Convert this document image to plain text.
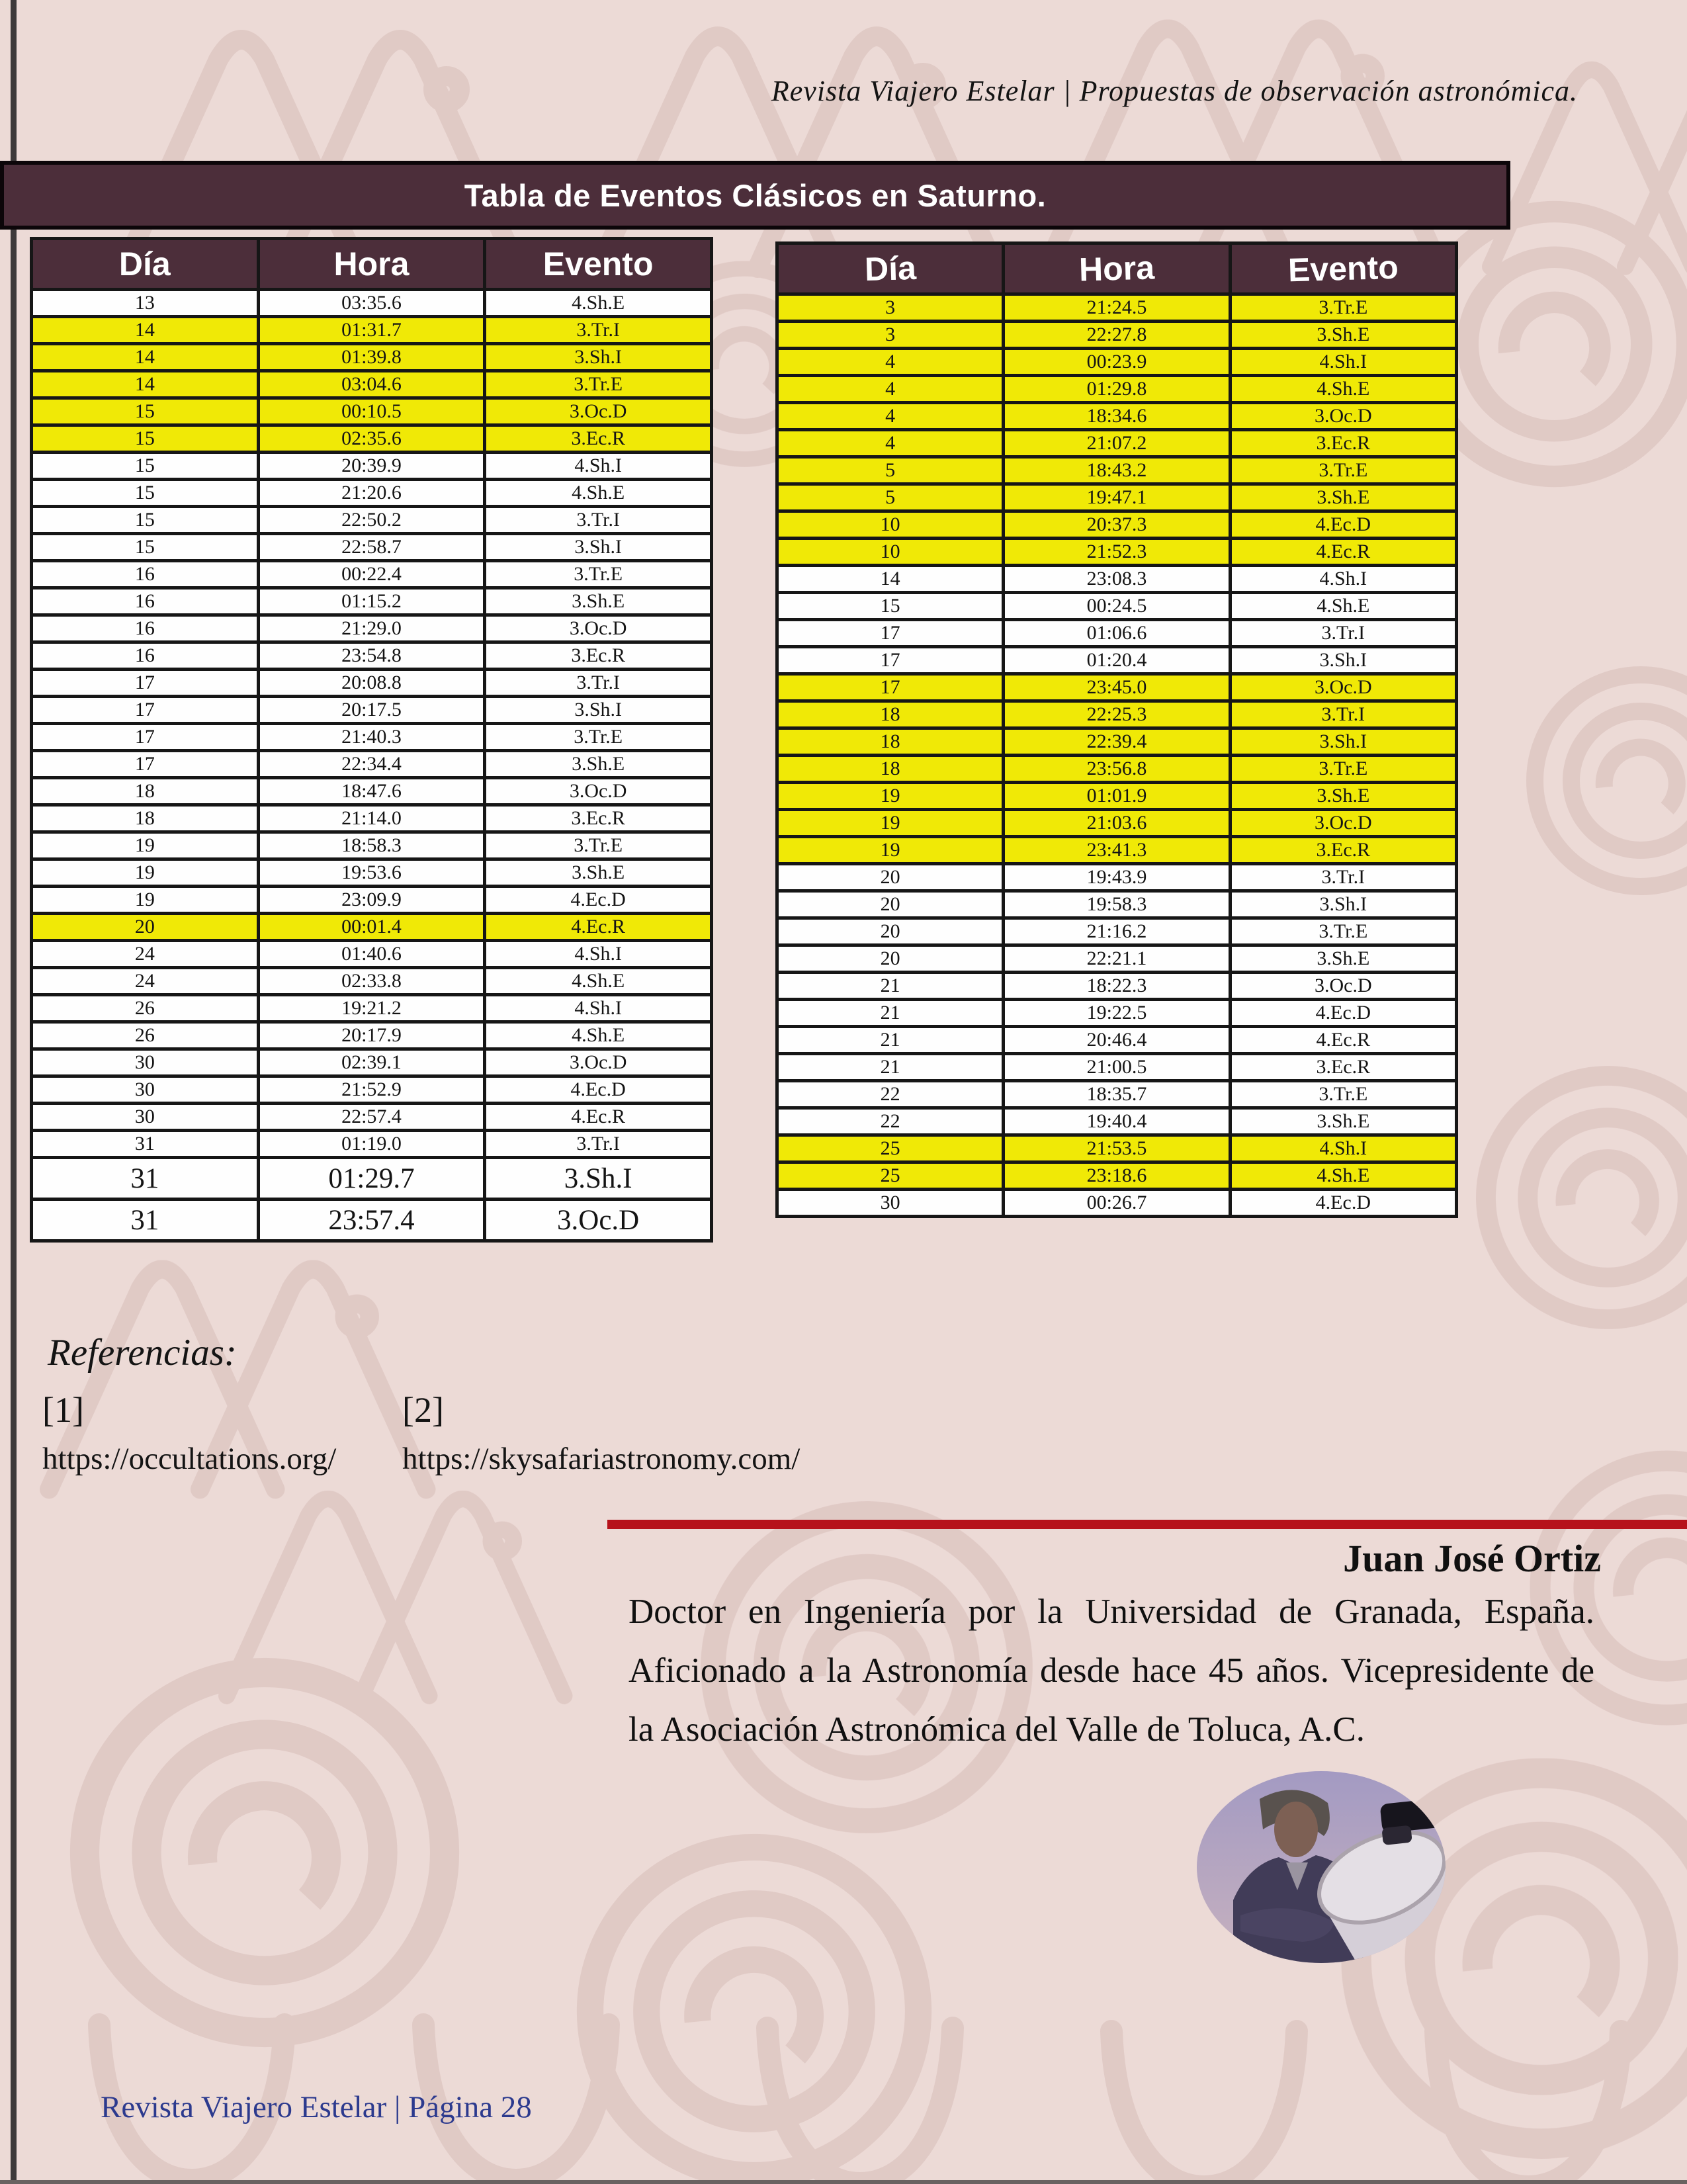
Revista Viajero Estelar | Propuestas de observación astronómica.
Tabla de Eventos Clásicos en Saturno.
Día	Hora	Evento
13	03:35.6	4.Sh.E
14	01:31.7	3.Tr.I
14	01:39.8	3.Sh.I
14	03:04.6	3.Tr.E
15	00:10.5	3.Oc.D
15	02:35.6	3.Ec.R
15	20:39.9	4.Sh.I
15	21:20.6	4.Sh.E
15	22:50.2	3.Tr.I
15	22:58.7	3.Sh.I
16	00:22.4	3.Tr.E
16	01:15.2	3.Sh.E
16	21:29.0	3.Oc.D
16	23:54.8	3.Ec.R
17	20:08.8	3.Tr.I
17	20:17.5	3.Sh.I
17	21:40.3	3.Tr.E
17	22:34.4	3.Sh.E
18	18:47.6	3.Oc.D
18	21:14.0	3.Ec.R
19	18:58.3	3.Tr.E
19	19:53.6	3.Sh.E
19	23:09.9	4.Ec.D
20	00:01.4	4.Ec.R
24	01:40.6	4.Sh.I
24	02:33.8	4.Sh.E
26	19:21.2	4.Sh.I
26	20:17.9	4.Sh.E
30	02:39.1	3.Oc.D
30	21:52.9	4.Ec.D
30	22:57.4	4.Ec.R
31	01:19.0	3.Tr.I
31	01:29.7	3.Sh.I
31	23:57.4	3.Oc.D
Día	Hora	Evento
3	21:24.5	3.Tr.E
3	22:27.8	3.Sh.E
4	00:23.9	4.Sh.I
4	01:29.8	4.Sh.E
4	18:34.6	3.Oc.D
4	21:07.2	3.Ec.R
5	18:43.2	3.Tr.E
5	19:47.1	3.Sh.E
10	20:37.3	4.Ec.D
10	21:52.3	4.Ec.R
14	23:08.3	4.Sh.I
15	00:24.5	4.Sh.E
17	01:06.6	3.Tr.I
17	01:20.4	3.Sh.I
17	23:45.0	3.Oc.D
18	22:25.3	3.Tr.I
18	22:39.4	3.Sh.I
18	23:56.8	3.Tr.E
19	01:01.9	3.Sh.E
19	21:03.6	3.Oc.D
19	23:41.3	3.Ec.R
20	19:43.9	3.Tr.I
20	19:58.3	3.Sh.I
20	21:16.2	3.Tr.E
20	22:21.1	3.Sh.E
21	18:22.3	3.Oc.D
21	19:22.5	4.Ec.D
21	20:46.4	4.Ec.R
21	21:00.5	3.Ec.R
22	18:35.7	3.Tr.E
22	19:40.4	3.Sh.E
25	21:53.5	4.Sh.I
25	23:18.6	4.Sh.E
30	00:26.7	4.Ec.D
Referencias:
[1]
https://occultations.org/
[2]
https://skysafariastronomy.com/
Juan José Ortiz
Doctor en Ingeniería por la Universidad de Granada, España. Aficionado a la Astronomía desde hace 45 años. Vicepresidente de la Asociación Astronómica del Valle de Toluca, A.C.
Revista Viajero Estelar | Página 28
